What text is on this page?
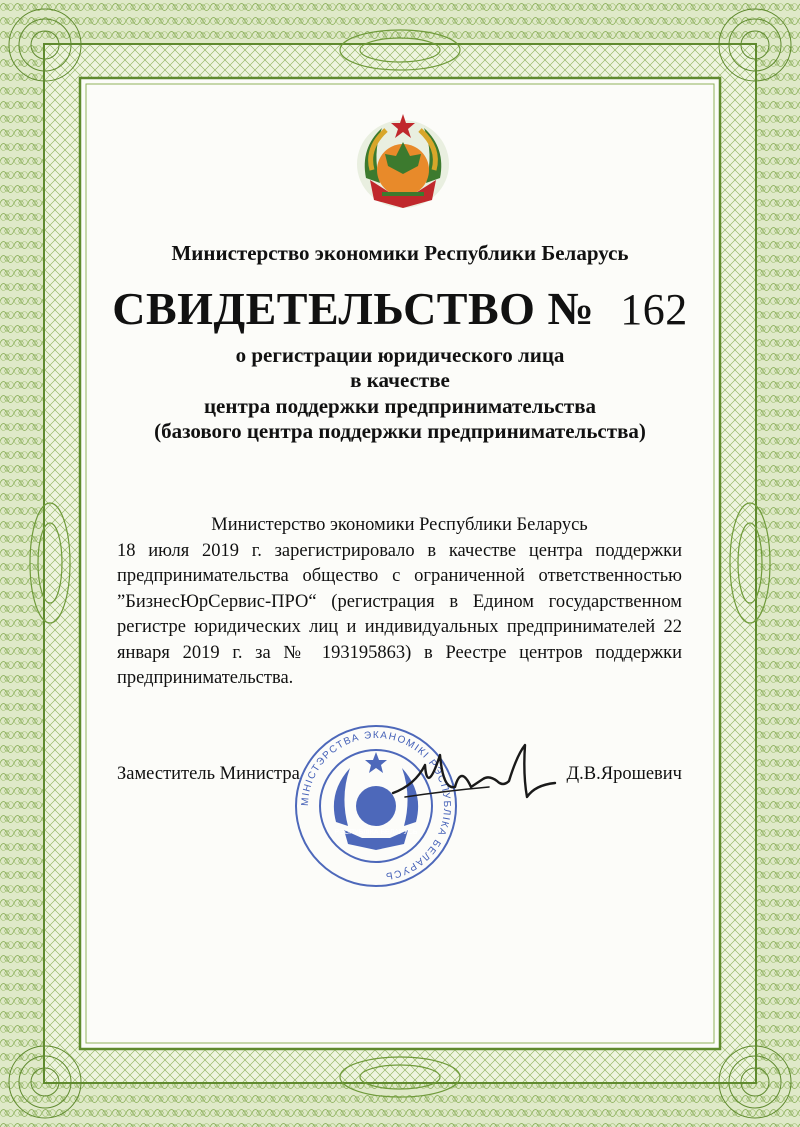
Министерство экономики Республики Беларусь
СВИДЕТЕЛЬСТВО № 162
о регистрации юридического лица
в качестве
центра поддержки предпринимательства
(базового центра поддержки предпринимательства)
Министерство экономики Республики Беларусь
18 июля 2019 г. зарегистрировало в качестве центра поддержки предпринимательства общество с ограниченной ответственностью ”БизнесЮрСервис-ПРО“ (регистрация в Едином государственном регистре юридических лиц и индивидуальных предпринимателей 22 января 2019 г. за № 193195863) в Реестре центров поддержки предпринимательства.
МIНIСТЭРСТВА ЭКАНОМIКI РЭСПУБЛIКА БЕЛАРУСЬ
РЭСПУБЛIКА БЕЛАРУСЬ
Заместитель Министра	Д.В.Ярошевич
